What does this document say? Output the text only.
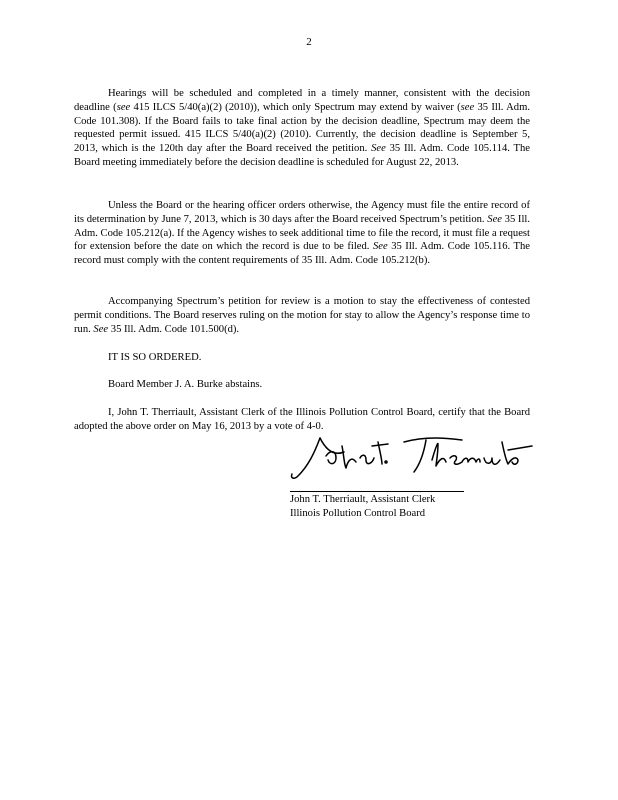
2

Hearings will be scheduled and completed in a timely manner, consistent with the decision deadline (see 415 ILCS 5/40(a)(2) (2010)), which only Spectrum may extend by waiver (see 35 Ill. Adm. Code 101.308). If the Board fails to take final action by the decision deadline, Spectrum may deem the requested permit issued. 415 ILCS 5/40(a)(2) (2010). Currently, the decision deadline is September 5, 2013, which is the 120th day after the Board received the petition. See 35 Ill. Adm. Code 105.114. The Board meeting immediately before the decision deadline is scheduled for August 22, 2013.

Unless the Board or the hearing officer orders otherwise, the Agency must file the entire record of its determination by June 7, 2013, which is 30 days after the Board received Spectrum’s petition. See 35 Ill. Adm. Code 105.212(a). If the Agency wishes to seek additional time to file the record, it must file a request for extension before the date on which the record is due to be filed. See 35 Ill. Adm. Code 105.116. The record must comply with the content requirements of 35 Ill. Adm. Code 105.212(b).

Accompanying Spectrum’s petition for review is a motion to stay the effectiveness of contested permit conditions. The Board reserves ruling on the motion for stay to allow the Agency’s response time to run. See 35 Ill. Adm. Code 101.500(d).

IT IS SO ORDERED.

Board Member J. A. Burke abstains.

I, John T. Therriault, Assistant Clerk of the Illinois Pollution Control Board, certify that the Board adopted the above order on May 16, 2013 by a vote of 4-0.

John T. Therriault, Assistant Clerk
Illinois Pollution Control Board
